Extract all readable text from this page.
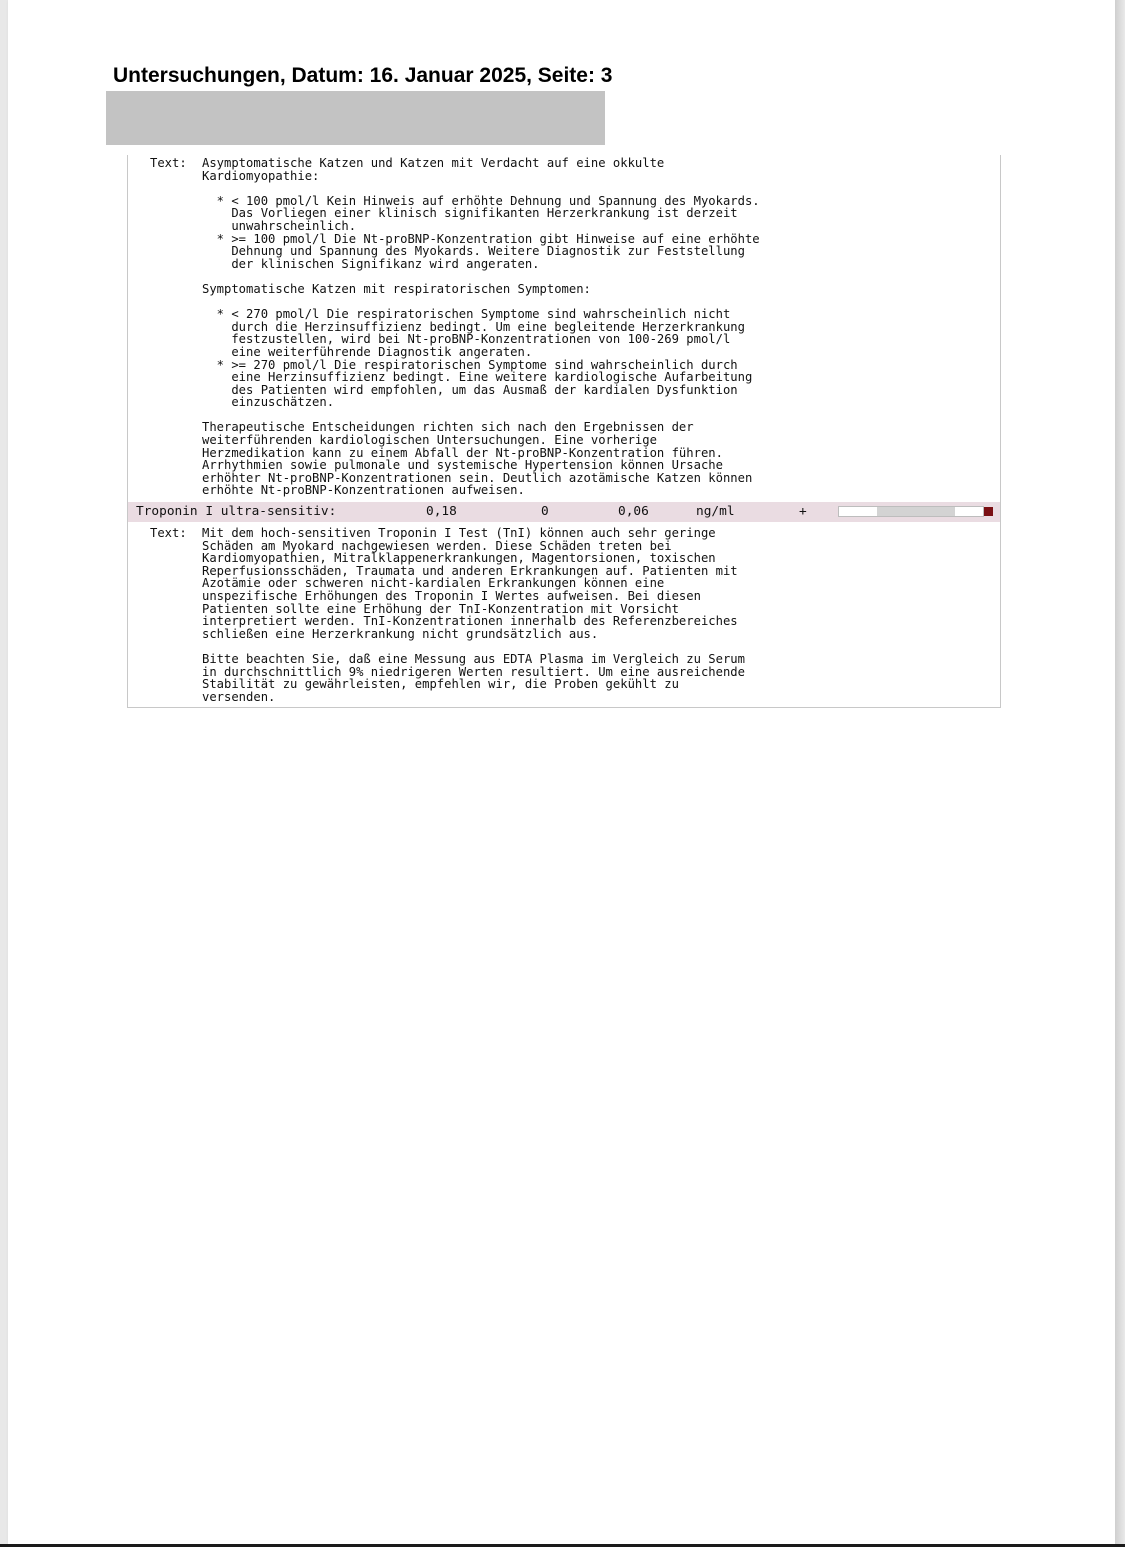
Untersuchungen, Datum: 16. Januar 2025, Seite: 3
Text: Asymptomatische Katzen und Katzen mit Verdacht auf eine okkulte
Kardiomyopathie:

* < 100 pmol/l Kein Hinweis auf erhöhte Dehnung und Spannung des Myokards.
Das Vorliegen einer klinisch signifikanten Herzerkrankung ist derzeit
unwahrscheinlich.
* >= 100 pmol/l Die Nt-proBNP-Konzentration gibt Hinweise auf eine erhöhte
Dehnung und Spannung des Myokards. Weitere Diagnostik zur Feststellung
der klinischen Signifikanz wird angeraten.

Symptomatische Katzen mit respiratorischen Symptomen:

* < 270 pmol/l Die respiratorischen Symptome sind wahrscheinlich nicht
durch die Herzinsuffizienz bedingt. Um eine begleitende Herzerkrankung
festzustellen, wird bei Nt-proBNP-Konzentrationen von 100-269 pmol/l
eine weiterführende Diagnostik angeraten.
* >= 270 pmol/l Die respiratorischen Symptome sind wahrscheinlich durch
eine Herzinsuffizienz bedingt. Eine weitere kardiologische Aufarbeitung
des Patienten wird empfohlen, um das Ausmaß der kardialen Dysfunktion
einzuschätzen.

Therapeutische Entscheidungen richten sich nach den Ergebnissen der
weiterführenden kardiologischen Untersuchungen. Eine vorherige
Herzmedikation kann zu einem Abfall der Nt-proBNP-Konzentration führen.
Arrhythmien sowie pulmonale und systemische Hypertension können Ursache
erhöhter Nt-proBNP-Konzentrationen sein. Deutlich azotämische Katzen können
erhöhte Nt-proBNP-Konzentrationen aufweisen.
Troponin I ultra-sensitiv:	0,18	0	0,06	ng/ml	+
Text: Mit dem hoch-sensitiven Troponin I Test (TnI) können auch sehr geringe
Schäden am Myokard nachgewiesen werden. Diese Schäden treten bei
Kardiomyopathien, Mitralklappenerkrankungen, Magentorsionen, toxischen
Reperfusionsschäden, Traumata und anderen Erkrankungen auf. Patienten mit
Azotämie oder schweren nicht-kardialen Erkrankungen können eine
unspezifische Erhöhungen des Troponin I Wertes aufweisen. Bei diesen
Patienten sollte eine Erhöhung der TnI-Konzentration mit Vorsicht
interpretiert werden. TnI-Konzentrationen innerhalb des Referenzbereiches
schließen eine Herzerkrankung nicht grundsätzlich aus.

Bitte beachten Sie, daß eine Messung aus EDTA Plasma im Vergleich zu Serum
in durchschnittlich 9% niedrigeren Werten resultiert. Um eine ausreichende
Stabilität zu gewährleisten, empfehlen wir, die Proben gekühlt zu
versenden.
